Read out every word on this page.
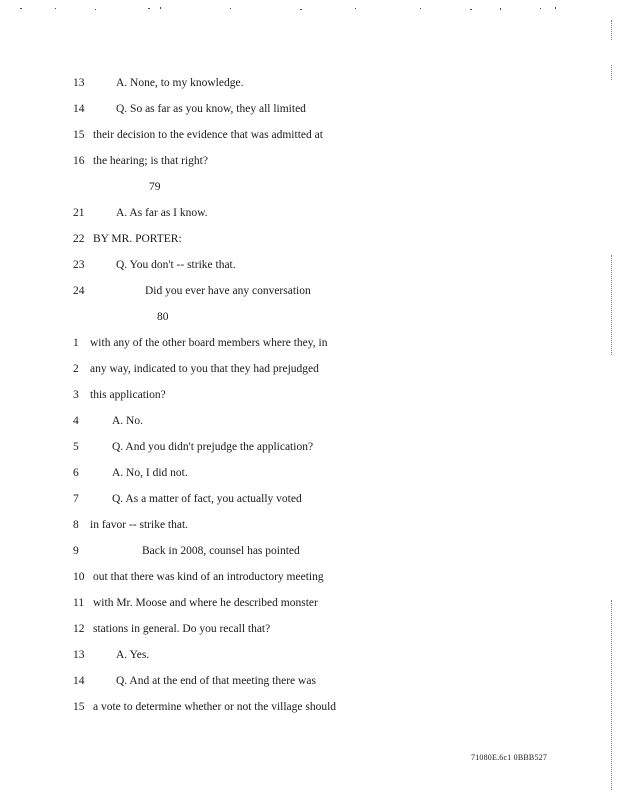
13	A. None, to my knowledge.
14	Q. So as far as you know, they all limited
15 their decision to the evidence that was admitted at
16 the hearing; is that right?
79
21	A. As far as I know.
22 BY MR. PORTER:
23	Q. You don't -- strike that.
24	Did you ever have any conversation
80
1 with any of the other board members where they, in
2 any way, indicated to you that they had prejudged
3 this application?
4	A. No.
5	Q. And you didn't prejudge the application?
6	A. No, I did not.
7	Q. As a matter of fact, you actually voted
8 in favor -- strike that.
9	Back in 2008, counsel has pointed
10 out that there was kind of an introductory meeting
11 with Mr. Moose and where he described monster
12 stations in general. Do you recall that?
13	A. Yes.
14	Q. And at the end of that meeting there was
15 a vote to determine whether or not the village should
71080E.6c1 0BBB527
